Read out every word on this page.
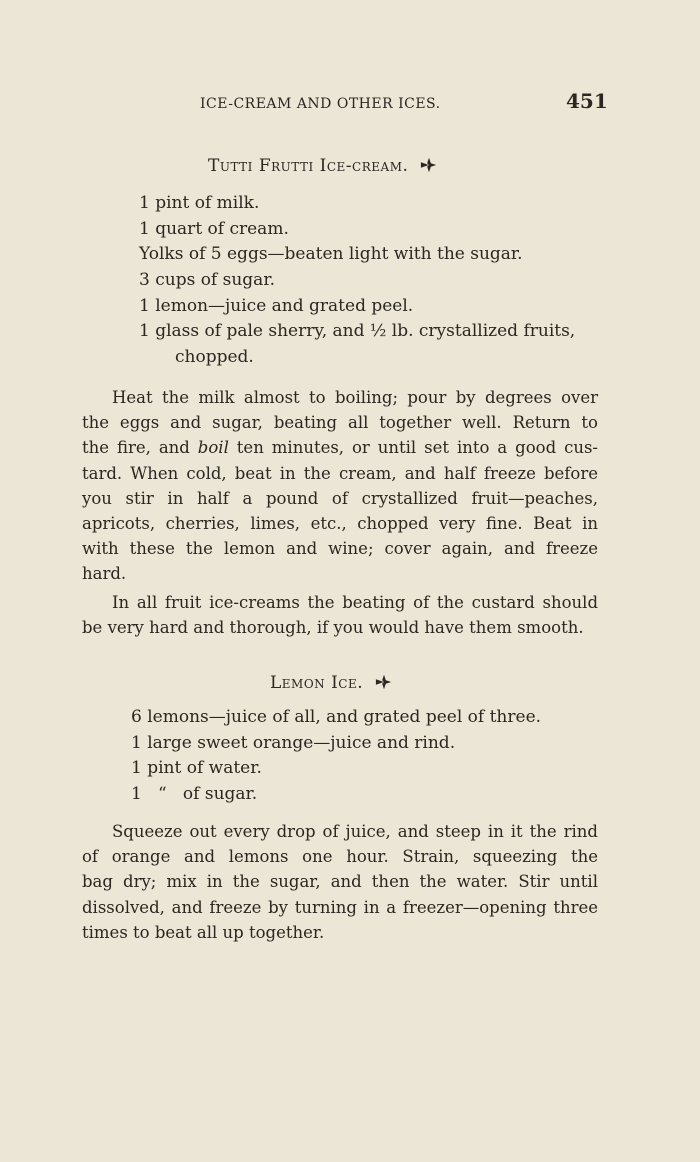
ICE-CREAM AND OTHER ICES.	451
Tutti Frutti Ice-cream.
1 pint of milk.
1 quart of cream.
Yolks of 5 eggs—beaten light with the sugar.
3 cups of sugar.
1 lemon—juice and grated peel.
1 glass of pale sherry, and ½ lb. crystallized fruits,
chopped.
Heat the milk almost to boiling; pour by degrees over
the eggs and sugar, beating all together well. Return to
the fire, and boil ten minutes, or until set into a good cus-
tard. When cold, beat in the cream, and half freeze before
you stir in half a pound of crystallized fruit—peaches,
apricots, cherries, limes, etc., chopped very fine. Beat in
with these the lemon and wine; cover again, and freeze
hard.
In all fruit ice-creams the beating of the custard should
be very hard and thorough, if you would have them smooth.
Lemon Ice.
6 lemons—juice of all, and grated peel of three.
1 large sweet orange—juice and rind.
1 pint of water.
1   “   of sugar.
Squeeze out every drop of juice, and steep in it the rind
of orange and lemons one hour. Strain, squeezing the
bag dry; mix in the sugar, and then the water. Stir until
dissolved, and freeze by turning in a freezer—opening three
times to beat all up together.
